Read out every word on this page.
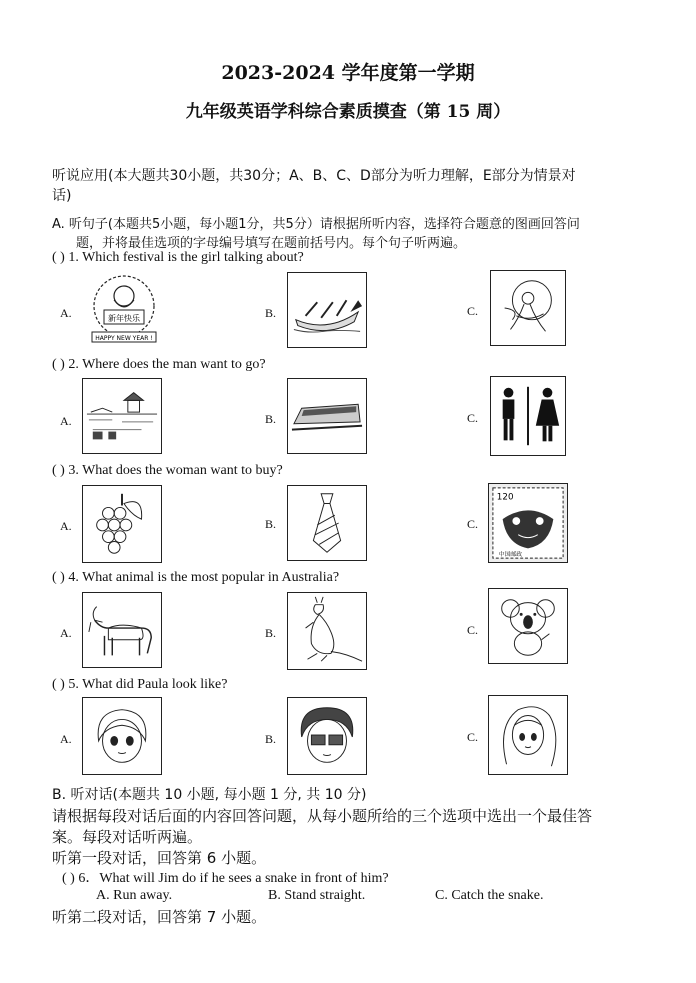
2023-2024 学年度第一学期
九年级英语学科综合素质摸查（第 15 周）
听说应用(本大题共30小题，共30分；A、B、C、D部分为听力理解，E部分为情景对
话)
A. 听句子(本题共5小题，每小题1分，共5分）请根据所听内容，选择符合题意的图画回答问
题，并将最佳选项的字母编号填写在题前括号内。每个句子听两遍。
( ) 1. Which festival is the girl talking about?
A.	新年快乐
HAPPY NEW YEAR !
B.	C.
( ) 2. Where does the man want to go?
A.	B.	C.
( ) 3. What does the woman want to buy?
A.	B.	C.
120
中国邮政
( ) 4. What animal is the most popular in Australia?
A.	B.	C.
( ) 5. What did Paula look like?
A.	B.	C.
B. 听对话(本题共 10 小题, 每小题 1 分, 共 10 分)
请根据每段对话后面的内容回答问题，从每小题所给的三个选项中选出一个最佳答
案。每段对话听两遍。
听第一段对话，回答第 6 小题。
( ) 6．What will Jim do if he sees a snake in front of him?
A. Run away.	B. Stand straight.	C. Catch the snake.
听第二段对话，回答第 7 小题。
